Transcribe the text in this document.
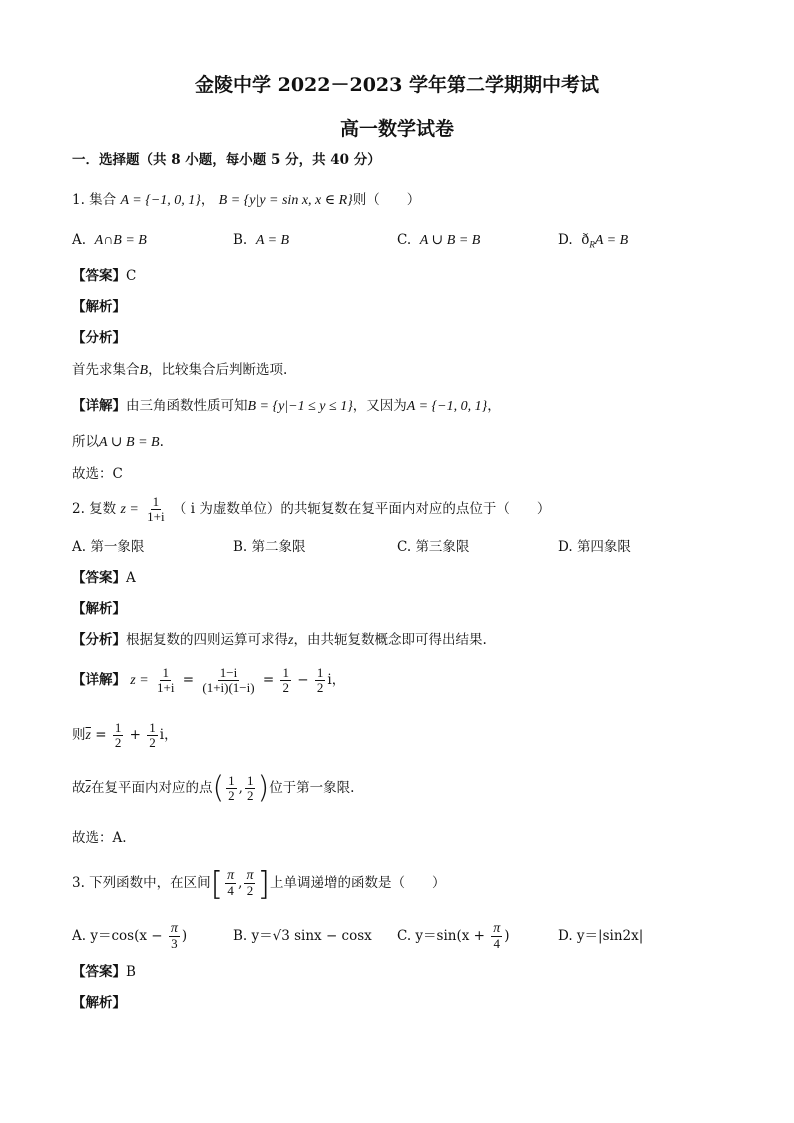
金陵中学 2022－2023 学年第二学期期中考试
高一数学试卷
一．选择题（共 8 小题，每小题 5 分，共 40 分）
1. 集合 A = {−1, 0, 1}， B = {y|y = sin x, x ∈ R}则（　　）
A. A∩B = B	B. A = B	C. A ∪ B = B	D. $ð_RA = B$
【答案】C
【解析】
【分析】
首先求集合B，比较集合后判断选项.
【详解】由三角函数性质可知B = {y|−1 ≤ y ≤ 1}，又因为A = {−1, 0, 1}，
所以A ∪ B = B.
故选：C
2. 复数 $z = \frac{1}{1+i}$ （ i 为虚数单位）的共轭复数在复平面内对应的点位于（　　）
A. 第一象限	B. 第二象限	C. 第三象限	D. 第四象限
【答案】A
【解析】
【分析】根据复数的四则运算可求得z，由共轭复数概念即可得出结果.
【详解】 $z = \frac{1}{1+i} = \frac{1-i}{(1+i)(1-i)} = \frac{1}{2} - \frac{1}{2}$ i，
则$\overline{z} = \frac{1}{2} + \frac{1}{2}$ i，
故$\overline{z}$在复平面内对应的点( $\frac{1}{2}$ , $\frac{1}{2}$ )位于第一象限.
故选：A.
3. 下列函数中，在区间[ $\frac{\pi}{4}$ , $\frac{\pi}{2}$ ]上单调递增的函数是（　　）
A. $y=\cos(x - \frac{\pi}{3}$ )	B. y＝√3 sinx − cosx C. $y=\sin(x + \frac{\pi}{4}$ )	D. y＝|sin2x|
【答案】B
【解析】
